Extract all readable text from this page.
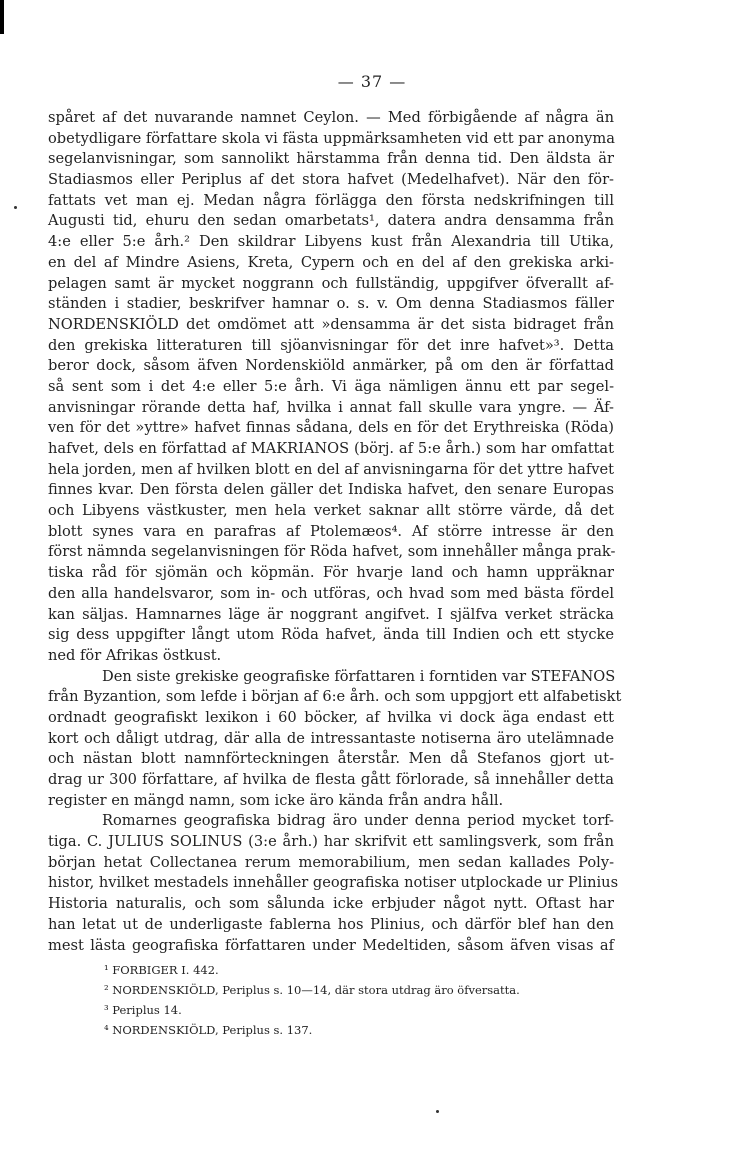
— 37 —
spåret af det nuvarande namnet Ceylon. — Med förbigående af några än
obetydligare författare skola vi fästa uppmärksamheten vid ett par anonyma
segelanvisningar, som sannolikt härstamma från denna tid. Den äldsta är
Stadiasmos eller Periplus af det stora hafvet (Medelhafvet). När den för-
fattats vet man ej. Medan några förlägga den första nedskrifningen till
Augusti tid, ehuru den sedan omarbetats¹, datera andra densamma från
4:e eller 5:e årh.² Den skildrar Libyens kust från Alexandria till Utika,
en del af Mindre Asiens, Kreta, Cypern och en del af den grekiska arki-
pelagen samt är mycket noggrann och fullständig, uppgifver öfverallt af-
ständen i stadier, beskrifver hamnar o. s. v. Om denna Stadiasmos fäller
NORDENSKIÖLD det omdömet att »densamma är det sista bidraget från
den grekiska litteraturen till sjöanvisningar för det inre hafvet»³. Detta
beror dock, såsom äfven Nordenskiöld anmärker, på om den är författad
så sent som i det 4:e eller 5:e årh. Vi äga nämligen ännu ett par segel-
anvisningar rörande detta haf, hvilka i annat fall skulle vara yngre. — Äf-
ven för det »yttre» hafvet finnas sådana, dels en för det Erythreiska (Röda)
hafvet, dels en författad af MAKRIANOS (börj. af 5:e årh.) som har omfattat
hela jorden, men af hvilken blott en del af anvisningarna för det yttre hafvet
finnes kvar. Den första delen gäller det Indiska hafvet, den senare Europas
och Libyens västkuster, men hela verket saknar allt större värde, då det
blott synes vara en parafras af Ptolemæos⁴. Af större intresse är den
först nämnda segelanvisningen för Röda hafvet, som innehåller många prak-
tiska råd för sjömän och köpmän. För hvarje land och hamn uppräknar
den alla handelsvaror, som in- och utföras, och hvad som med bästa fördel
kan säljas. Hamnarnes läge är noggrant angifvet. I själfva verket sträcka
sig dess uppgifter långt utom Röda hafvet, ända till Indien och ett stycke
ned för Afrikas östkust.
Den siste grekiske geografiske författaren i forntiden var STEFANOS
från Byzantion, som lefde i början af 6:e årh. och som uppgjort ett alfabetiskt
ordnadt geografiskt lexikon i 60 böcker, af hvilka vi dock äga endast ett
kort och dåligt utdrag, där alla de intressantaste notiserna äro utelämnade
och nästan blott namnförteckningen återstår. Men då Stefanos gjort ut-
drag ur 300 författare, af hvilka de flesta gått förlorade, så innehåller detta
register en mängd namn, som icke äro kända från andra håll.
Romarnes geografiska bidrag äro under denna period mycket torf-
tiga. C. JULIUS SOLINUS (3:e årh.) har skrifvit ett samlingsverk, som från
början hetat Collectanea rerum memorabilium, men sedan kallades Poly-
histor, hvilket mestadels innehåller geografiska notiser utplockade ur Plinius
Historia naturalis, och som sålunda icke erbjuder något nytt. Oftast har
han letat ut de underligaste fablerna hos Plinius, och därför blef han den
mest lästa geografiska författaren under Medeltiden, såsom äfven visas af
¹ FORBIGER I. 442.
² NORDENSKIÖLD, Periplus s. 10—14, där stora utdrag äro öfversatta.
³ Periplus 14.
⁴ NORDENSKIÖLD, Periplus s. 137.
